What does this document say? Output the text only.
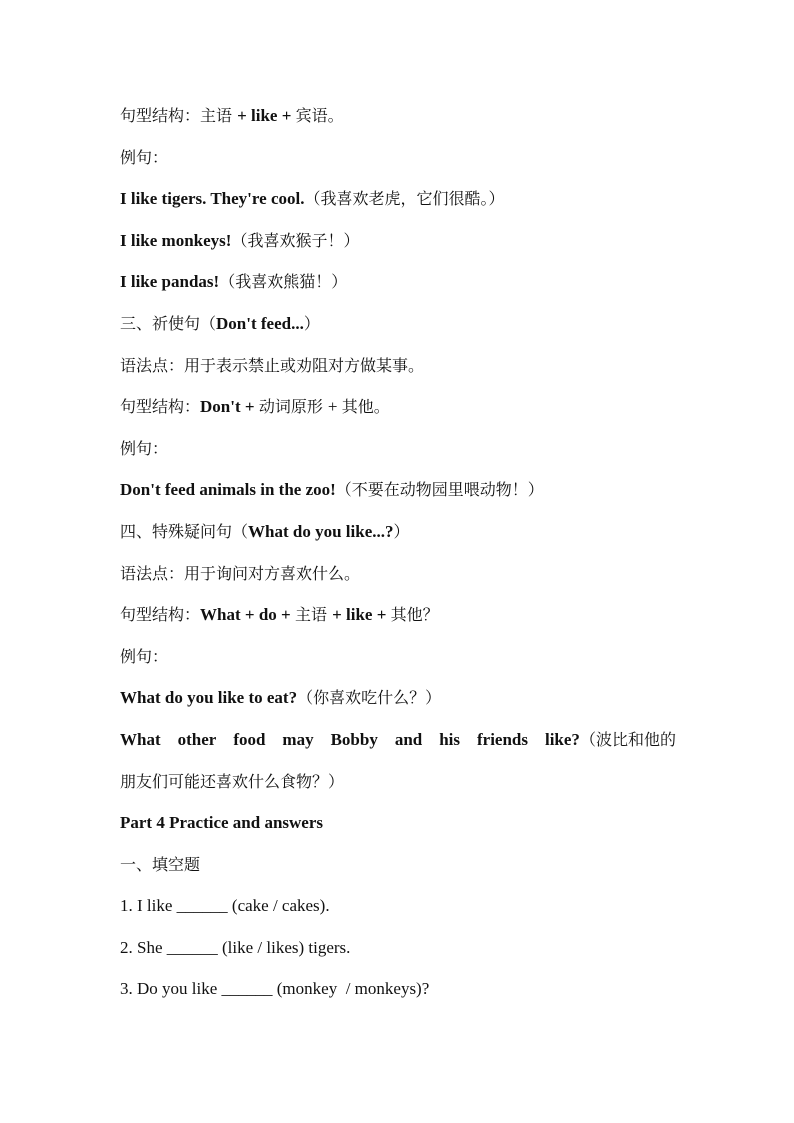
句型结构：主语 + like + 宾语。
例句：
I like tigers. They're cool.（我喜欢老虎，它们很酷。）
I like monkeys!（我喜欢猴子！）
I like pandas!（我喜欢熊猫！）
三、祈使句（Don't feed...）
语法点：用于表示禁止或劝阻对方做某事。
句型结构：Don't + 动词原形 + 其他。
例句：
Don't feed animals in the zoo!（不要在动物园里喂动物！）
四、特殊疑问句（What do you like...?）
语法点：用于询问对方喜欢什么。
句型结构：What + do + 主语 + like + 其他？
例句：
What do you like to eat?（你喜欢吃什么？）
What other food may Bobby and his friends like?（波比和他的
朋友们可能还喜欢什么食物？）
Part 4 Practice and answers
一、填空题
1. I like ______ (cake / cakes).
2. She ______ (like / likes) tigers.
3. Do you like ______ (monkey  / monkeys)?
